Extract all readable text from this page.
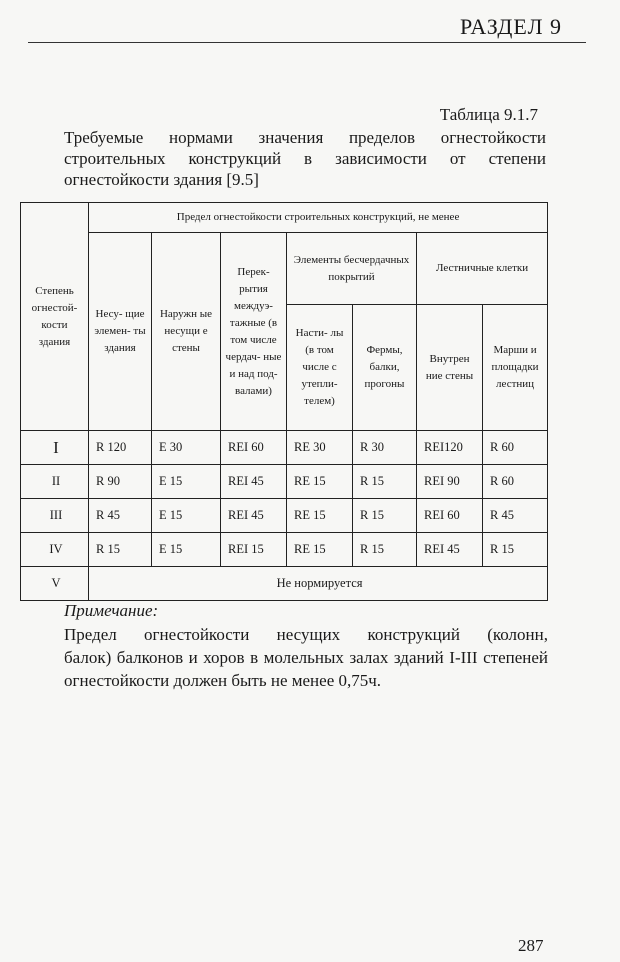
РАЗДЕЛ 9
Таблица 9.1.7
Требуемые нормами значения пределов огнестойкости
строительных конструкций в зависимости от степени
огнестойкости здания [9.5]
Степень огнестой- кости здания	Предел огнестойкости строительных конструкций, не менее						
	Несу- щие элемен- ты здания	Наружн ые несущи е стены	Перек- рытия междуэ- тажные (в том числе чердач- ные и над под- валами)	Элементы бесчердачных покрытий		Лестничные клетки	
				Насти- лы (в том числе с утепли- телем)	Фермы, балки, прогоны	Внутрен ние стены	Марши и площадки лестниц
I	R 120	E 30	REI 60	RE 30	R 30	REI120	R 60
II	R 90	E 15	REI 45	RE 15	R 15	REI 90	R 60
III	R 45	E 15	REI 45	RE 15	R 15	REI 60	R 45
IV	R 15	E 15	REI 15	RE 15	R 15	REI 45	R 15
V	Не нормируется						
Примечание:
Предел огнестойкости несущих конструкций (колонн,
балок) балконов и хоров в молельных залах зданий I-III степеней
огнестойкости должен быть не менее 0,75ч.
287
